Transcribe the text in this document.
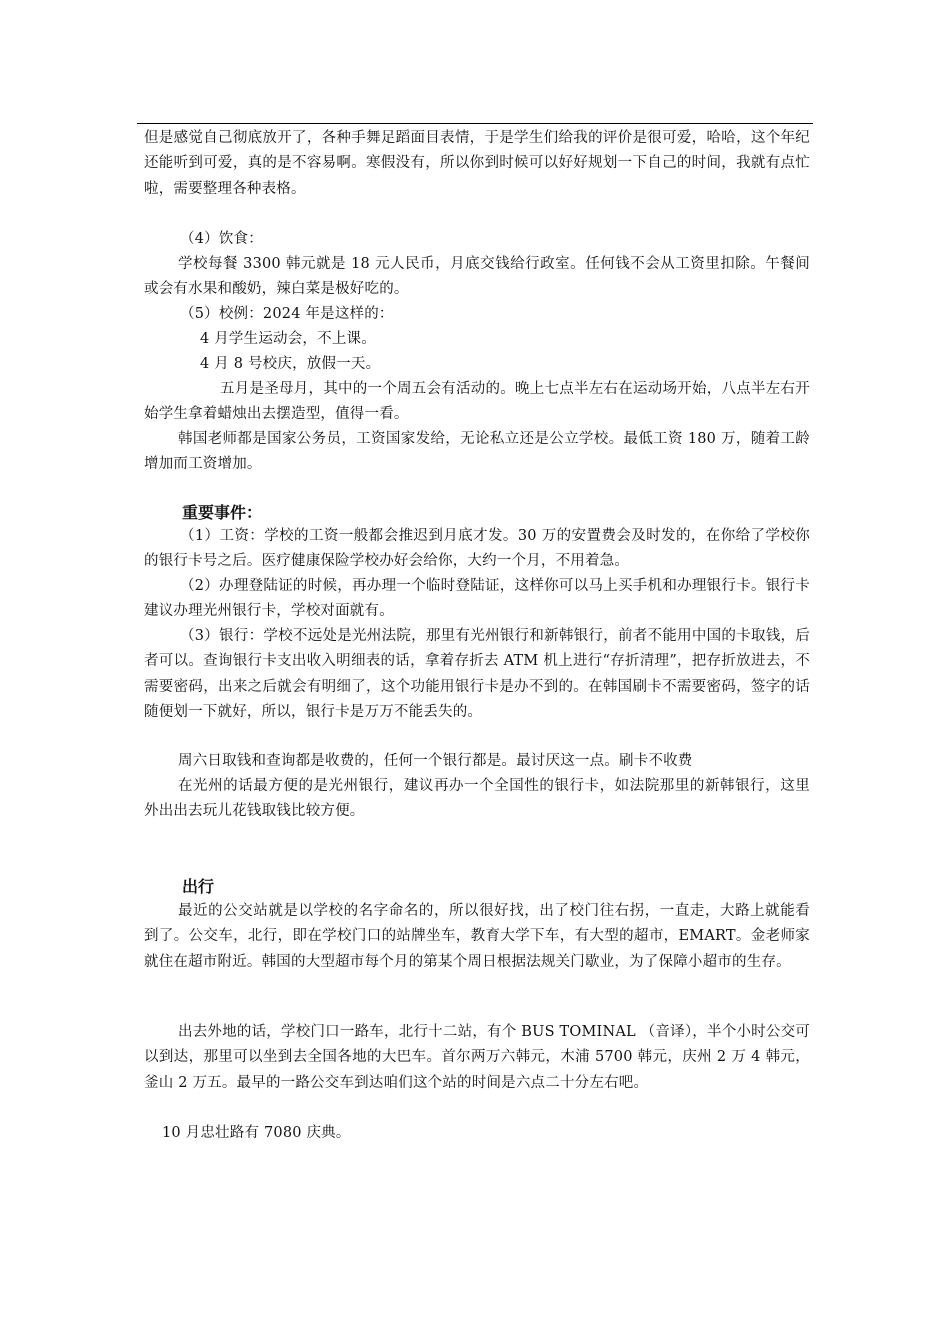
但是感觉自己彻底放开了，各种手舞足蹈面目表情，于是学生们给我的评价是很可爱，哈哈，这个年纪还能听到可爱，真的是不容易啊。寒假没有，所以你到时候可以好好规划一下自己的时间，我就有点忙啦，需要整理各种表格。

（4）饮食：

学校每餐 3300 韩元就是 18 元人民币，月底交钱给行政室。任何钱不会从工资里扣除。午餐间或会有水果和酸奶，辣白菜是极好吃的。

（5）校例：2024 年是这样的：

4 月学生运动会，不上课。

4 月 8 号校庆，放假一天。

五月是圣母月，其中的一个周五会有活动的。晚上七点半左右在运动场开始，八点半左右开始学生拿着蜡烛出去摆造型，值得一看。

韩国老师都是国家公务员，工资国家发给，无论私立还是公立学校。最低工资 180 万，随着工龄增加而工资增加。

重要事件：

（1）工资：学校的工资一般都会推迟到月底才发。30 万的安置费会及时发的，在你给了学校你的银行卡号之后。医疗健康保险学校办好会给你，大约一个月，不用着急。

（2）办理登陆证的时候，再办理一个临时登陆证，这样你可以马上买手机和办理银行卡。银行卡建议办理光州银行卡，学校对面就有。

（3）银行：学校不远处是光州法院，那里有光州银行和新韩银行，前者不能用中国的卡取钱，后者可以。查询银行卡支出收入明细表的话，拿着存折去 ATM 机上进行“存折清理”，把存折放进去，不需要密码，出来之后就会有明细了，这个功能用银行卡是办不到的。在韩国刷卡不需要密码，签字的话随便划一下就好，所以，银行卡是万万不能丢失的。

周六日取钱和查询都是收费的，任何一个银行都是。最讨厌这一点。刷卡不收费

在光州的话最方便的是光州银行，建议再办一个全国性的银行卡，如法院那里的新韩银行，这里外出出去玩儿花钱取钱比较方便。

出行

最近的公交站就是以学校的名字命名的，所以很好找，出了校门往右拐，一直走，大路上就能看到了。公交车，北行，即在学校门口的站牌坐车，教育大学下车，有大型的超市，EMART。金老师家就住在超市附近。韩国的大型超市每个月的第某个周日根据法规关门歇业，为了保障小超市的生存。

出去外地的话，学校门口一路车，北行十二站，有个 BUS TOMINAL （音译），半个小时公交可以到达，那里可以坐到去全国各地的大巴车。首尔两万六韩元，木浦 5700 韩元，庆州 2 万 4 韩元，釜山 2 万五。最早的一路公交车到达咱们这个站的时间是六点二十分左右吧。

10 月忠壮路有 7080 庆典。
